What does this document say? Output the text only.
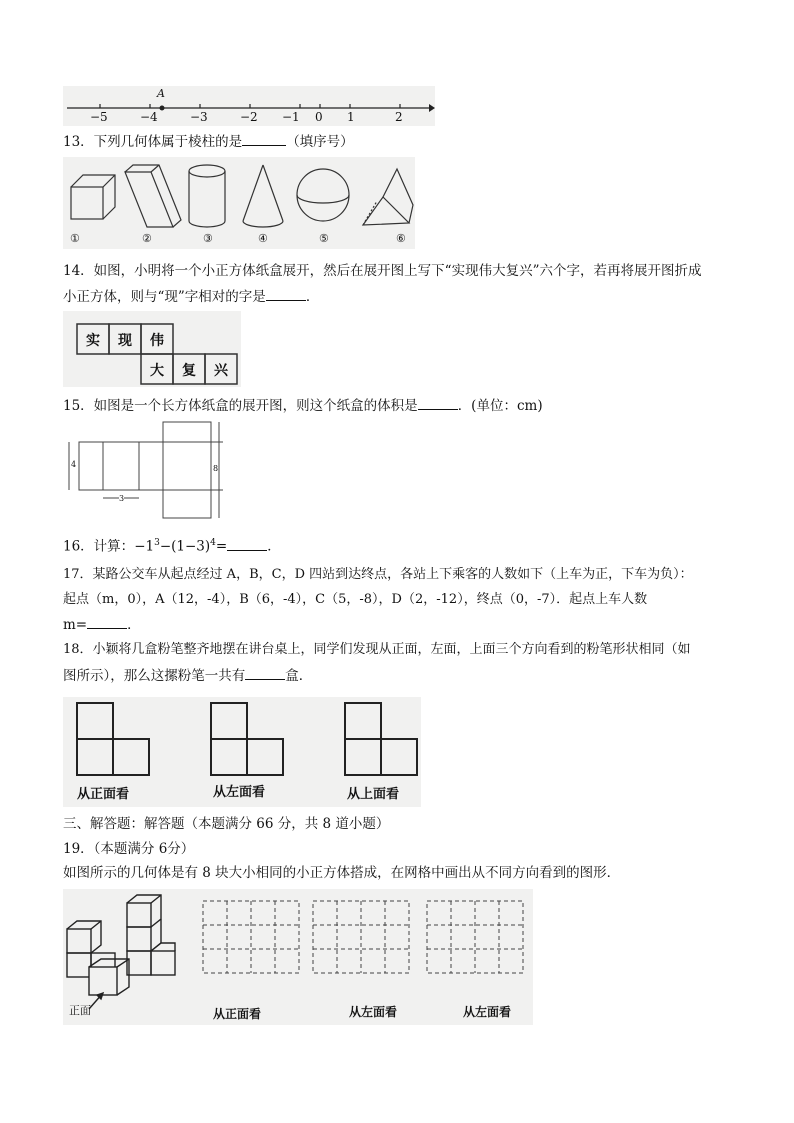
A
−5	−4	−3	−2 −1 0 1	2
13．下列几何体属于棱柱的是	（填序号）
①	②	③	④	⑤	⑥
14．如图，小明将一个小正方体纸盒展开，然后在展开图上写下“实现伟大复兴”六个字，若再将展开图折成
小正方体，则与“现”字相对的字是	．
实 现 伟
大 复 兴
15．如图是一个长方体纸盒的展开图，则这个纸盒的体积是	．(单位：cm)
4
3
8
16．计算：$-1^3-(1-3)^4=$	．
17．某路公交车从起点经过 A，B，C，D 四站到达终点，各站上下乘客的人数如下（上车为正，下车为负）：
起点（m，0），A（12，-4），B（6，-4），C（5，-8），D（2，-12），终点（0，-7）．起点上车人数
m=	．
18．小颖将几盒粉笔整齐地摆在讲台桌上，同学们发现从正面，左面，上面三个方向看到的粉笔形状相同（如
图所示），那么这摞粉笔一共有	盒．
从正面看	从左面看	从上面看
三、解答题：解答题（本题满分 66 分，共 8 道小题）
19．（本题满分 6分）
如图所示的几何体是有 8 块大小相同的小正方体搭成，在网格中画出从不同方向看到的图形．
正面	从正面看	从左面看	从左面看
